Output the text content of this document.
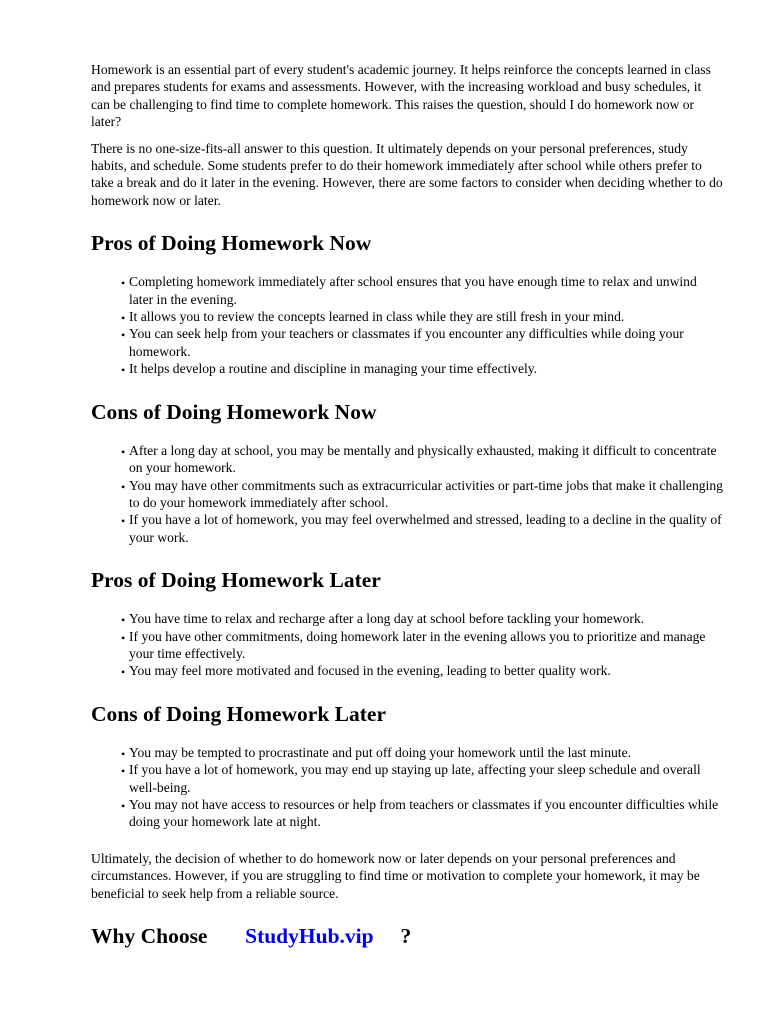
Homework is an essential part of every student's academic journey. It helps reinforce the concepts learned in class and prepares students for exams and assessments. However, with the increasing workload and busy schedules, it can be challenging to find time to complete homework. This raises the question, should I do homework now or later?

There is no one-size-fits-all answer to this question. It ultimately depends on your personal preferences, study habits, and schedule. Some students prefer to do their homework immediately after school while others prefer to take a break and do it later in the evening. However, there are some factors to consider when deciding whether to do homework now or later.

Pros of Doing Homework Now
• Completing homework immediately after school ensures that you have enough time to relax and unwind later in the evening.
• It allows you to review the concepts learned in class while they are still fresh in your mind.
• You can seek help from your teachers or classmates if you encounter any difficulties while doing your homework.
• It helps develop a routine and discipline in managing your time effectively.
Cons of Doing Homework Now
• After a long day at school, you may be mentally and physically exhausted, making it difficult to concentrate on your homework.
• You may have other commitments such as extracurricular activities or part-time jobs that make it challenging to do your homework immediately after school.
• If you have a lot of homework, you may feel overwhelmed and stressed, leading to a decline in the quality of your work.
Pros of Doing Homework Later
• You have time to relax and recharge after a long day at school before tackling your homework.
• If you have other commitments, doing homework later in the evening allows you to prioritize and manage your time effectively.
• You may feel more motivated and focused in the evening, leading to better quality work.
Cons of Doing Homework Later
• You may be tempted to procrastinate and put off doing your homework until the last minute.
• If you have a lot of homework, you may end up staying up late, affecting your sleep schedule and overall well-being.
• You may not have access to resources or help from teachers or classmates if you encounter difficulties while doing your homework late at night.

Ultimately, the decision of whether to do homework now or later depends on your personal preferences and circumstances. However, if you are struggling to find time or motivation to complete your homework, it may be beneficial to seek help from a reliable source.

Why Choose StudyHub.vip ?
